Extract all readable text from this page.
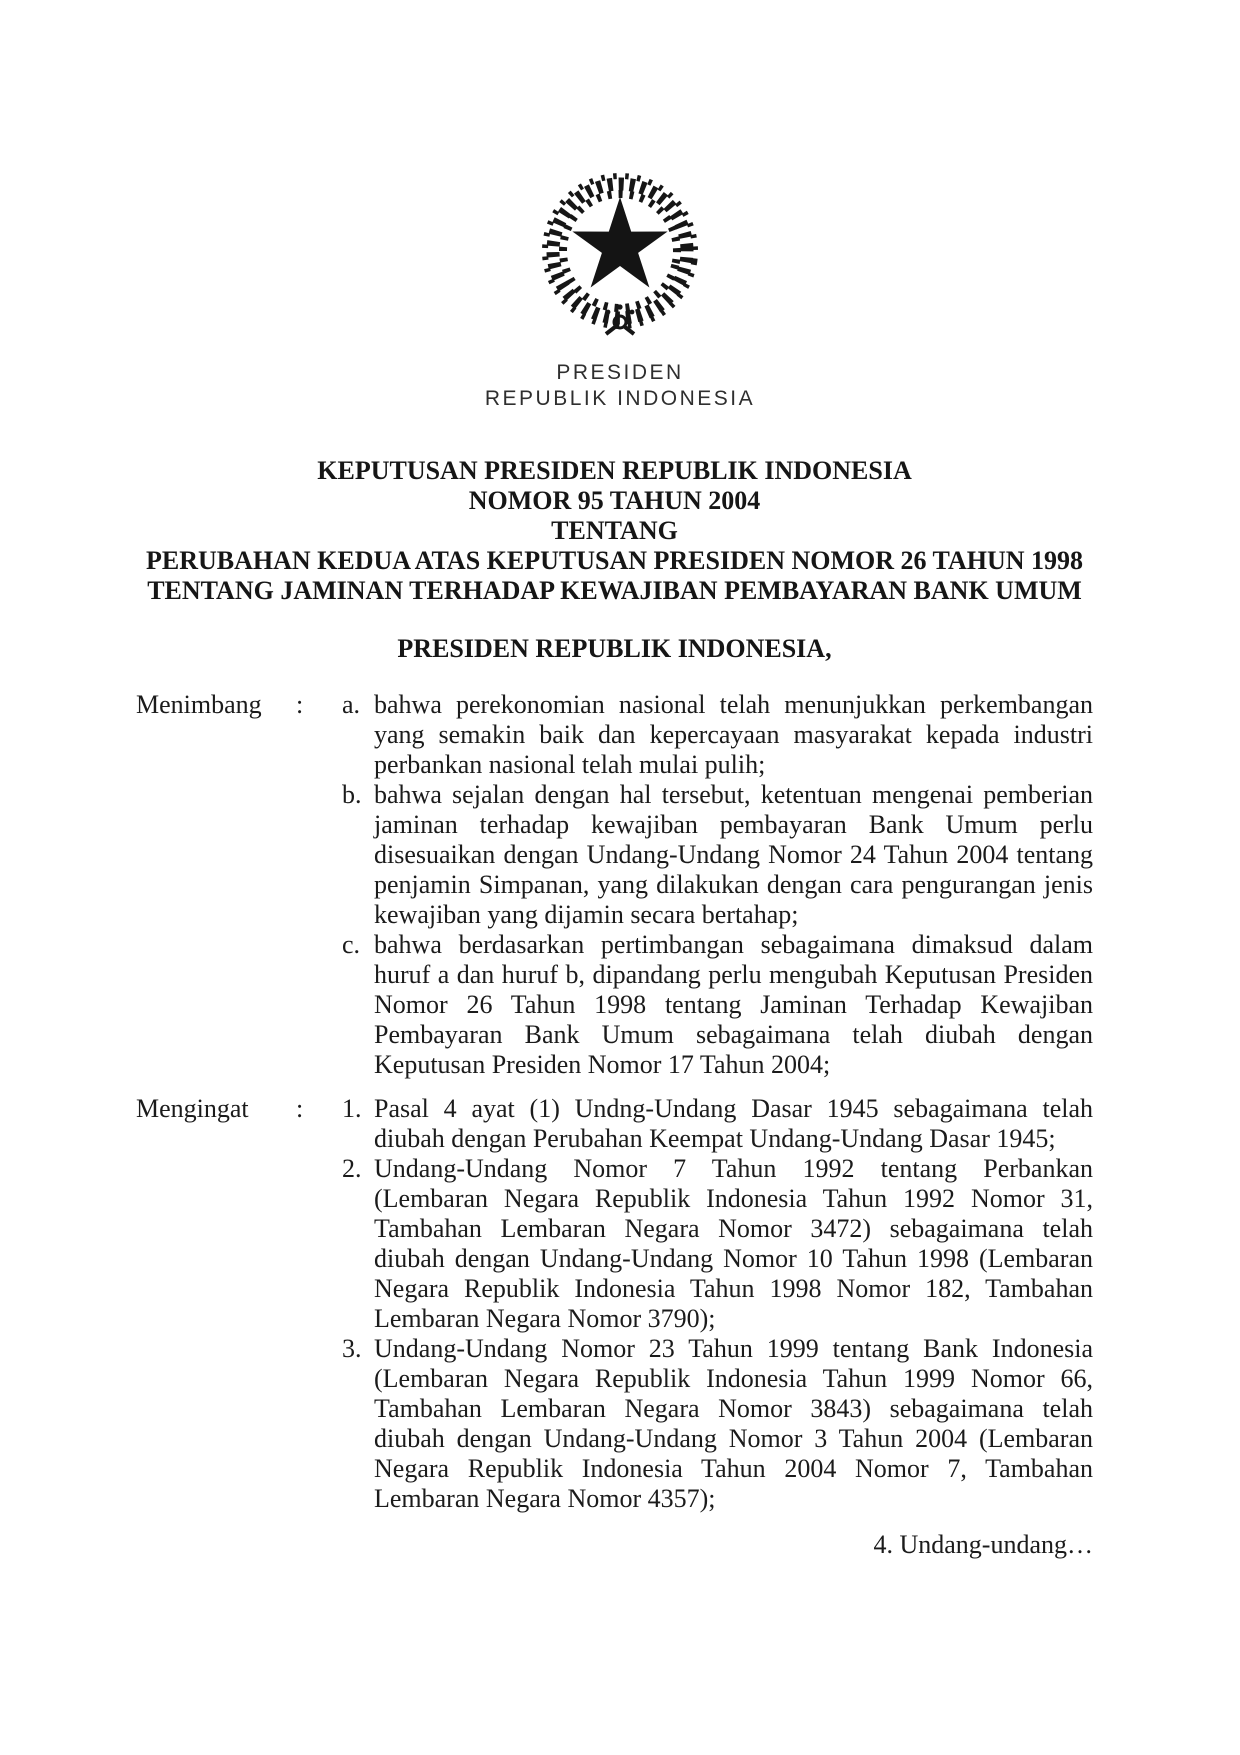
PRESIDEN
REPUBLIK INDONESIA
KEPUTUSAN PRESIDEN REPUBLIK INDONESIA
NOMOR 95 TAHUN 2004
TENTANG
PERUBAHAN KEDUA ATAS KEPUTUSAN PRESIDEN NOMOR 26 TAHUN 1998
TENTANG JAMINAN TERHADAP KEWAJIBAN PEMBAYARAN BANK UMUM
PRESIDEN REPUBLIK INDONESIA,
Menimbang	:	a. bahwa perekonomian nasional telah menunjukkan perkembangan yang semakin baik dan kepercayaan masyarakat kepada industri perbankan nasional telah mulai pulih;
b. bahwa sejalan dengan hal tersebut, ketentuan mengenai pemberian jaminan terhadap kewajiban pembayaran Bank Umum perlu disesuaikan dengan Undang-Undang Nomor 24 Tahun 2004 tentang penjamin Simpanan, yang dilakukan dengan cara pengurangan jenis kewajiban yang dijamin secara bertahap;
c. bahwa berdasarkan pertimbangan sebagaimana dimaksud dalam huruf a dan huruf b, dipandang perlu mengubah Keputusan Presiden Nomor 26 Tahun 1998 tentang Jaminan Terhadap Kewajiban Pembayaran Bank Umum sebagaimana telah diubah dengan Keputusan Presiden Nomor 17 Tahun 2004;
Mengingat	:	1. Pasal 4 ayat (1) Undng-Undang Dasar 1945 sebagaimana telah diubah dengan Perubahan Keempat Undang-Undang Dasar 1945;
2. Undang-Undang Nomor 7 Tahun 1992 tentang Perbankan (Lembaran Negara Republik Indonesia Tahun 1992 Nomor 31, Tambahan Lembaran Negara Nomor 3472) sebagaimana telah diubah dengan Undang-Undang Nomor 10 Tahun 1998 (Lembaran Negara Republik Indonesia Tahun 1998 Nomor 182, Tambahan Lembaran Negara Nomor 3790);
3. Undang-Undang Nomor 23 Tahun 1999 tentang Bank Indonesia (Lembaran Negara Republik Indonesia Tahun 1999 Nomor 66, Tambahan Lembaran Negara Nomor 3843) sebagaimana telah diubah dengan Undang-Undang Nomor 3 Tahun 2004 (Lembaran Negara Republik Indonesia Tahun 2004 Nomor 7, Tambahan Lembaran Negara Nomor 4357);
4. Undang-undang…
